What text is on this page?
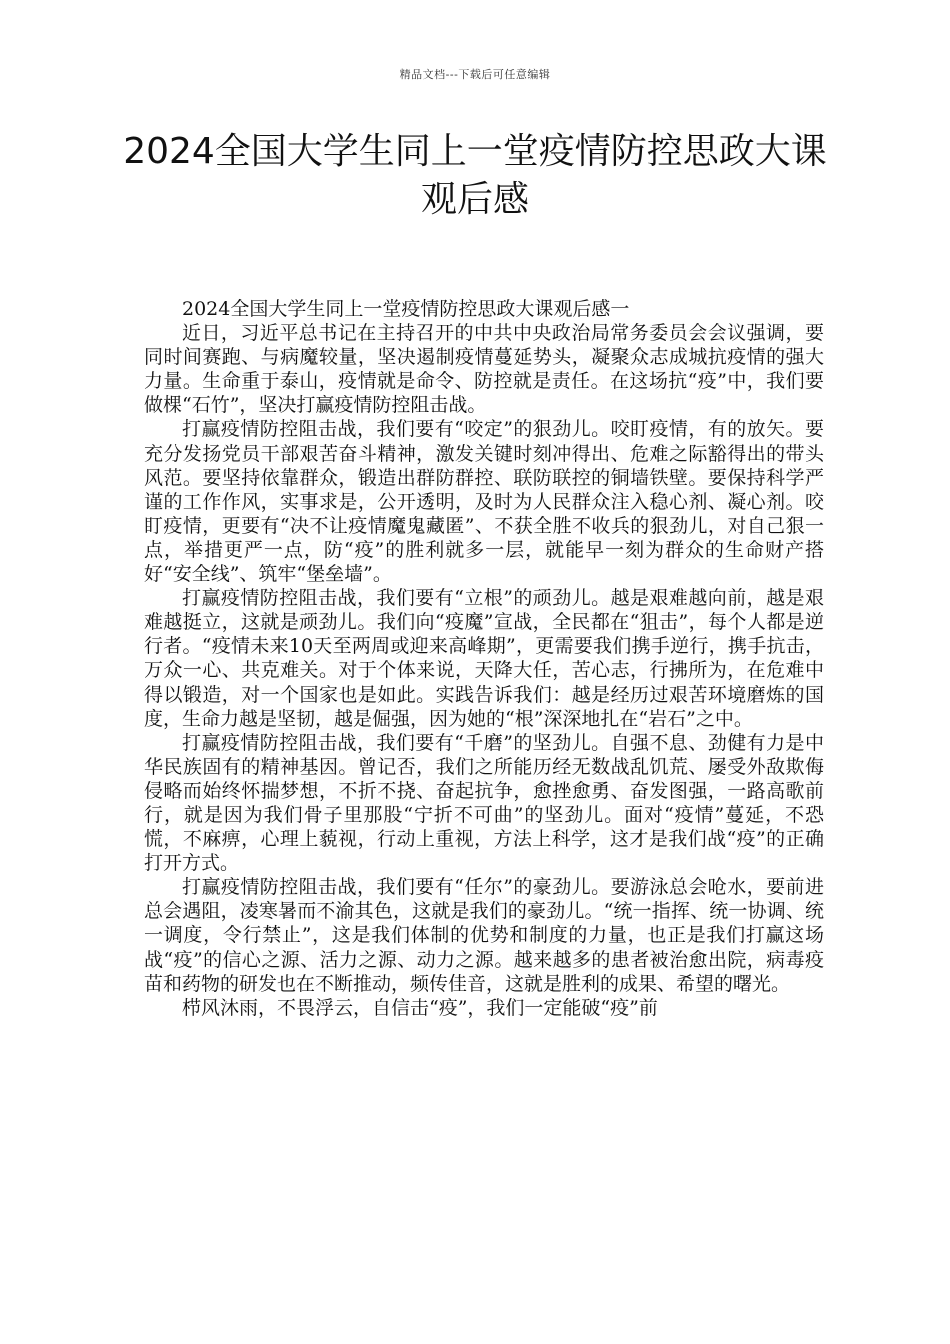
精品文档---下载后可任意编辑
2024全国大学生同上一堂疫情防控思政大课观后感

2024全国大学生同上一堂疫情防控思政大课观后感一

近日，习近平总书记在主持召开的中共中央政治局常务委员会会议强调，要同时间赛跑、与病魔较量，坚决遏制疫情蔓延势头，凝聚众志成城抗疫情的强大力量。生命重于泰山，疫情就是命令、防控就是责任。在这场抗“疫”中，我们要做棵“石竹”，坚决打赢疫情防控阻击战。

打赢疫情防控阻击战，我们要有“咬定”的狠劲儿。咬盯疫情，有的放矢。要充分发扬党员干部艰苦奋斗精神，激发关键时刻冲得出、危难之际豁得出的带头风范。要坚持依靠群众，锻造出群防群控、联防联控的铜墙铁壁。要保持科学严谨的工作作风，实事求是，公开透明，及时为人民群众注入稳心剂、凝心剂。咬盯疫情，更要有“决不让疫情魔鬼藏匿”、不获全胜不收兵的狠劲儿，对自己狠一点，举措更严一点，防“疫”的胜利就多一层，就能早一刻为群众的生命财产搭好“安全线”、筑牢“堡垒墙”。

打赢疫情防控阻击战，我们要有“立根”的顽劲儿。越是艰难越向前，越是艰难越挺立，这就是顽劲儿。我们向“疫魔”宣战，全民都在“狙击”，每个人都是逆行者。“疫情未来10天至两周或迎来高峰期”，更需要我们携手逆行，携手抗击，万众一心、共克难关。对于个体来说，天降大任，苦心志，行拂所为，在危难中得以锻造，对一个国家也是如此。实践告诉我们：越是经历过艰苦环境磨炼的国度，生命力越是坚韧，越是倔强，因为她的“根”深深地扎在“岩石”之中。

打赢疫情防控阻击战，我们要有“千磨”的坚劲儿。自强不息、劲健有力是中华民族固有的精神基因。曾记否，我们之所能历经无数战乱饥荒、屡受外敌欺侮侵略而始终怀揣梦想，不折不挠、奋起抗争，愈挫愈勇、奋发图强，一路高歌前行，就是因为我们骨子里那股“宁折不可曲”的坚劲儿。面对“疫情”蔓延，不恐慌，不麻痹，心理上藐视，行动上重视，方法上科学，这才是我们战“疫”的正确打开方式。

打赢疫情防控阻击战，我们要有“任尔”的豪劲儿。要游泳总会呛水，要前进总会遇阻，凌寒暑而不渝其色，这就是我们的豪劲儿。“统一指挥、统一协调、统一调度，令行禁止”，这是我们体制的优势和制度的力量，也正是我们打赢这场战“疫”的信心之源、活力之源、动力之源。越来越多的患者被治愈出院，病毒疫苗和药物的研发也在不断推动，频传佳音，这就是胜利的成果、希望的曙光。

栉风沐雨，不畏浮云，自信击“疫”，我们一定能破“疫”前
